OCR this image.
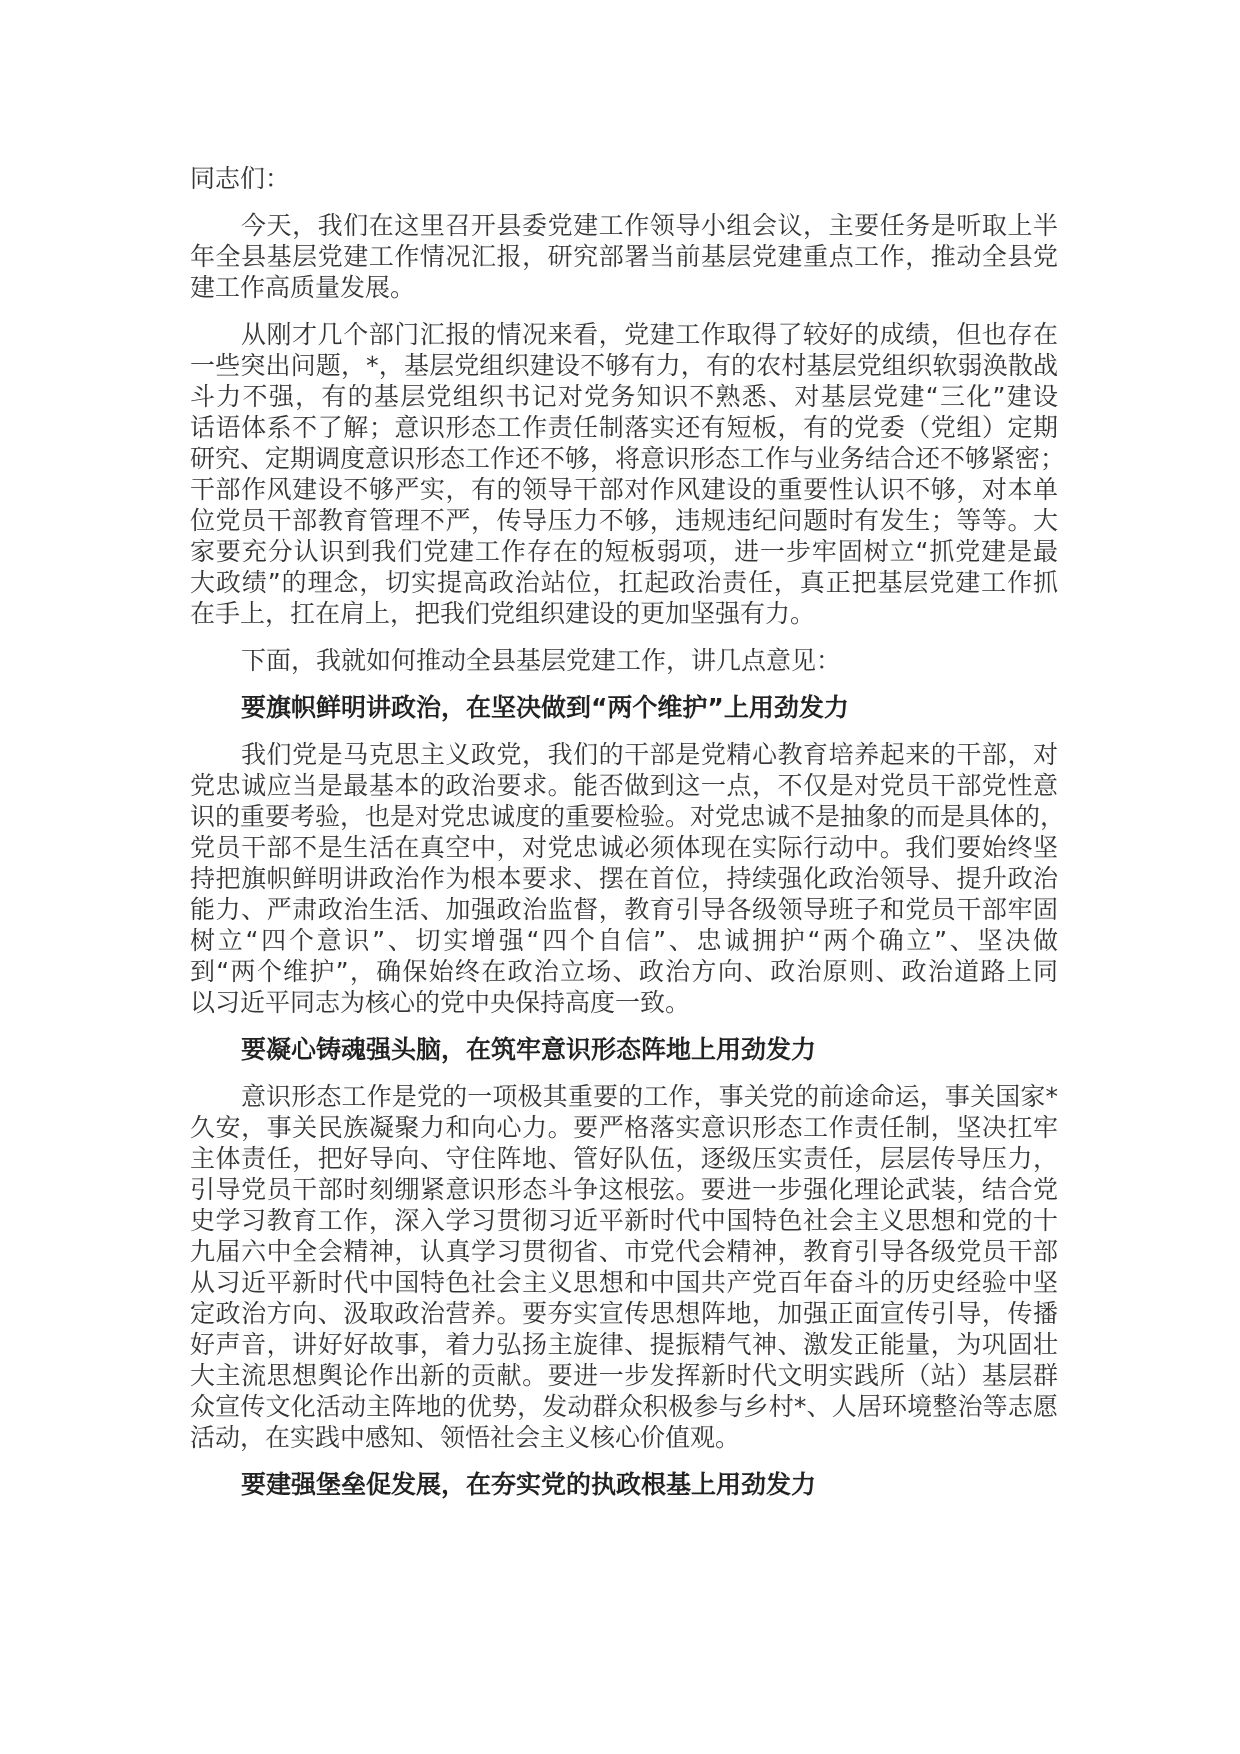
同志们：
今天，我们在这里召开县委党建工作领导小组会议，主要任务是听取上半
年全县基层党建工作情况汇报，研究部署当前基层党建重点工作，推动全县党
建工作高质量发展。
从刚才几个部门汇报的情况来看，党建工作取得了较好的成绩，但也存在
一些突出问题，*，基层党组织建设不够有力，有的农村基层党组织软弱涣散战
斗力不强，有的基层党组织书记对党务知识不熟悉、对基层党建“三化”建设
话语体系不了解；意识形态工作责任制落实还有短板，有的党委（党组）定期
研究、定期调度意识形态工作还不够，将意识形态工作与业务结合还不够紧密；
干部作风建设不够严实，有的领导干部对作风建设的重要性认识不够，对本单
位党员干部教育管理不严，传导压力不够，违规违纪问题时有发生；等等。大
家要充分认识到我们党建工作存在的短板弱项，进一步牢固树立“抓党建是最
大政绩”的理念，切实提高政治站位，扛起政治责任，真正把基层党建工作抓
在手上，扛在肩上，把我们党组织建设的更加坚强有力。
下面，我就如何推动全县基层党建工作，讲几点意见：
要旗帜鲜明讲政治，在坚决做到“两个维护”上用劲发力
我们党是马克思主义政党，我们的干部是党精心教育培养起来的干部，对
党忠诚应当是最基本的政治要求。能否做到这一点，不仅是对党员干部党性意
识的重要考验，也是对党忠诚度的重要检验。对党忠诚不是抽象的而是具体的，
党员干部不是生活在真空中，对党忠诚必须体现在实际行动中。我们要始终坚
持把旗帜鲜明讲政治作为根本要求、摆在首位，持续强化政治领导、提升政治
能力、严肃政治生活、加强政治监督，教育引导各级领导班子和党员干部牢固
树立“四个意识”、切实增强“四个自信”、忠诚拥护“两个确立”、坚决做
到“两个维护”，确保始终在政治立场、政治方向、政治原则、政治道路上同
以习近平同志为核心的党中央保持高度一致。
要凝心铸魂强头脑，在筑牢意识形态阵地上用劲发力
意识形态工作是党的一项极其重要的工作，事关党的前途命运，事关国家*
久安，事关民族凝聚力和向心力。要严格落实意识形态工作责任制，坚决扛牢
主体责任，把好导向、守住阵地、管好队伍，逐级压实责任，层层传导压力，
引导党员干部时刻绷紧意识形态斗争这根弦。要进一步强化理论武装，结合党
史学习教育工作，深入学习贯彻习近平新时代中国特色社会主义思想和党的十
九届六中全会精神，认真学习贯彻省、市党代会精神，教育引导各级党员干部
从习近平新时代中国特色社会主义思想和中国共产党百年奋斗的历史经验中坚
定政治方向、汲取政治营养。要夯实宣传思想阵地，加强正面宣传引导，传播
好声音，讲好好故事，着力弘扬主旋律、提振精气神、激发正能量，为巩固壮
大主流思想舆论作出新的贡献。要进一步发挥新时代文明实践所（站）基层群
众宣传文化活动主阵地的优势，发动群众积极参与乡村*、人居环境整治等志愿
活动，在实践中感知、领悟社会主义核心价值观。
要建强堡垒促发展，在夯实党的执政根基上用劲发力
